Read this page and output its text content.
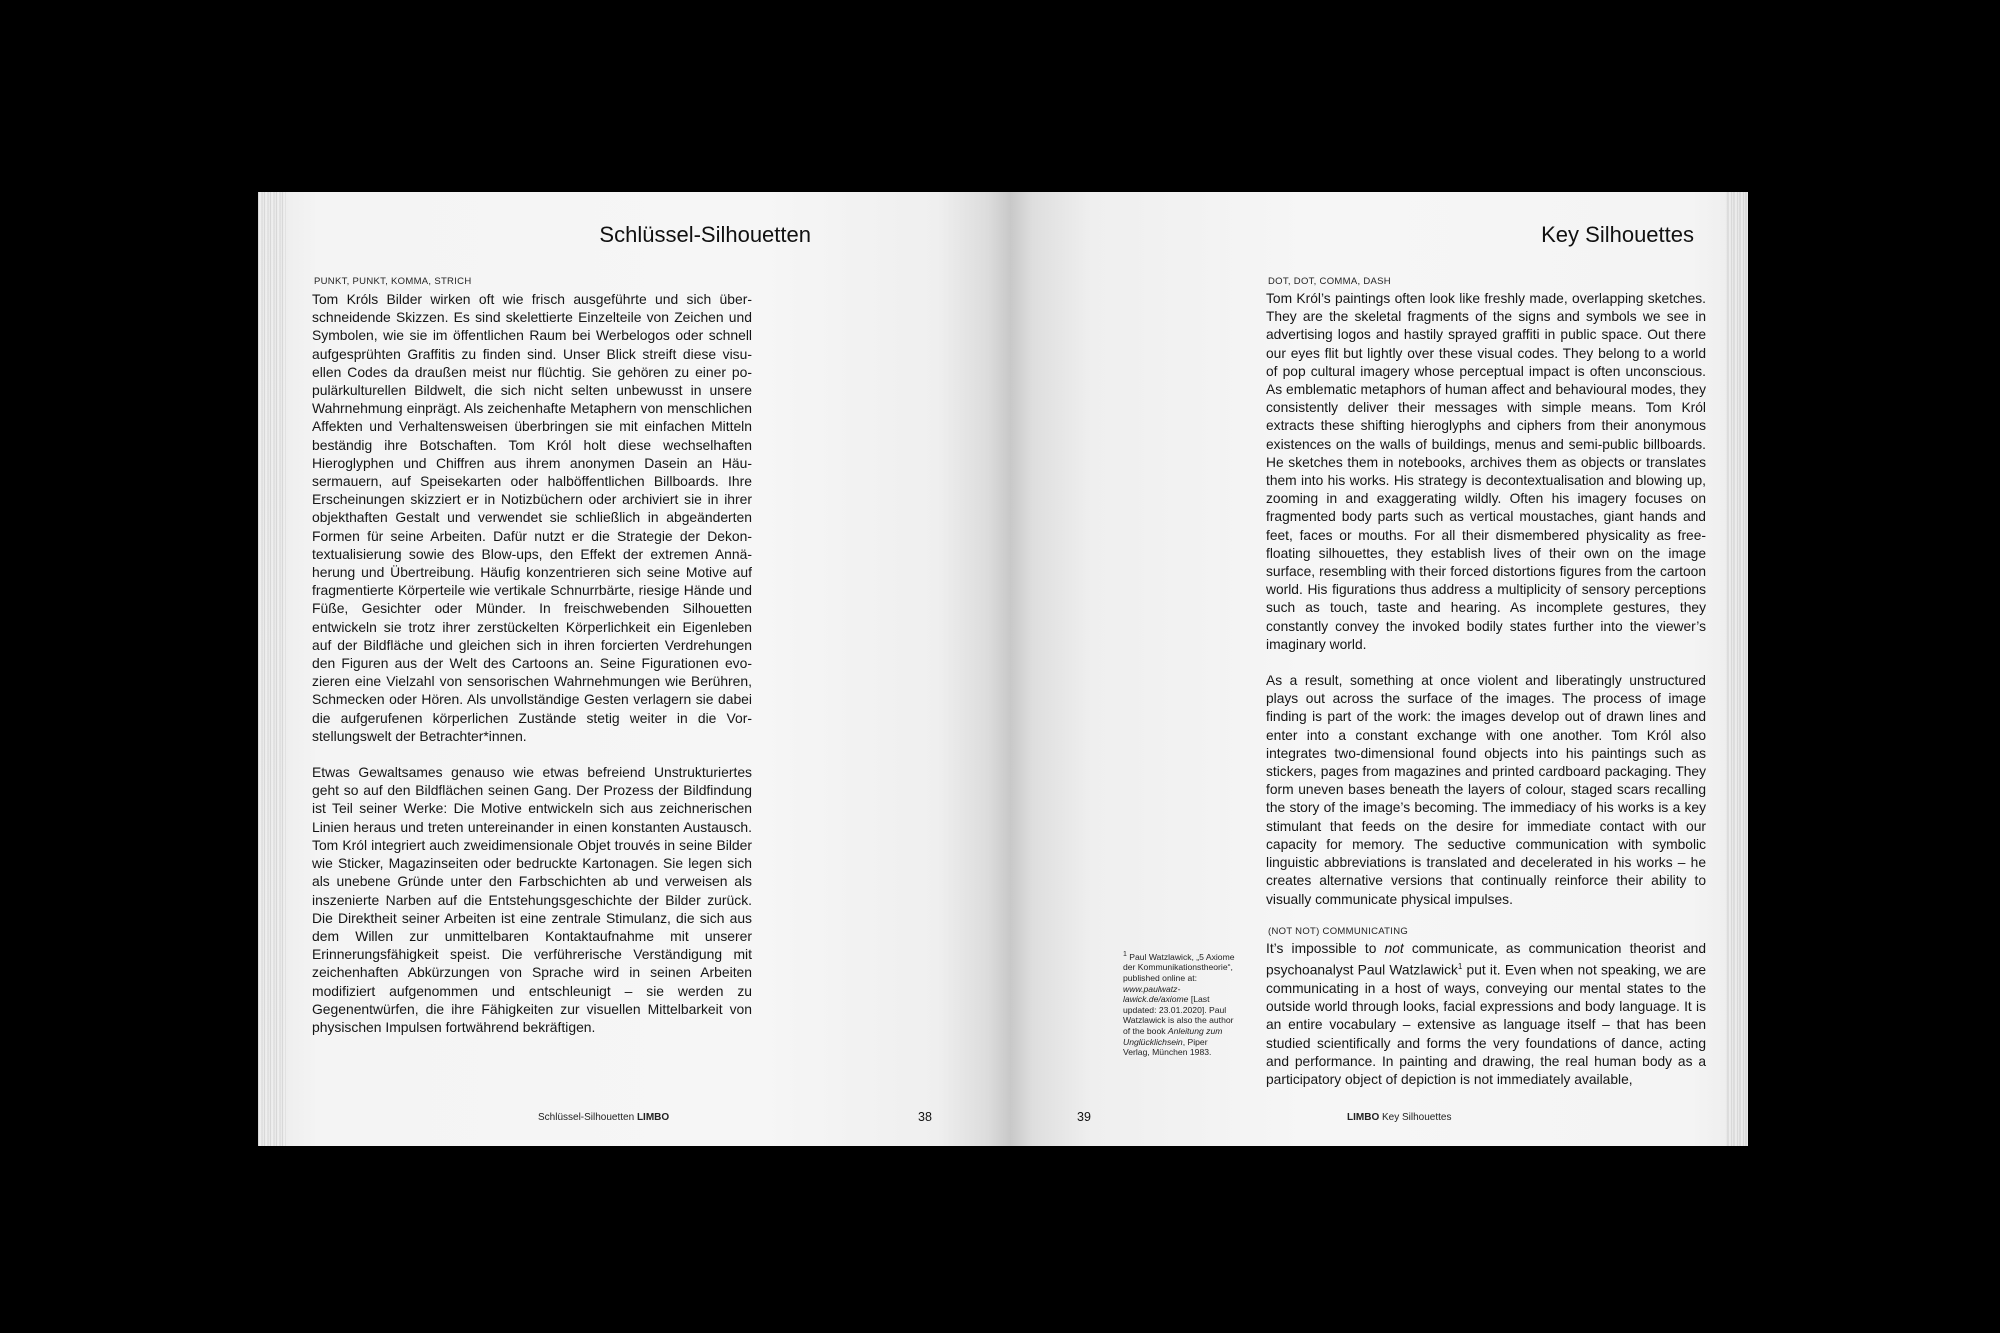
Schlüssel-Silhouetten
PUNKT, PUNKT, KOMMA, STRICH

Tom Króls Bilder wirken oft wie frisch ausgeführte und sich überschneidende Skizzen. Es sind skelettierte Einzelteile von Zeichen und Symbolen, wie sie im öffentlichen Raum bei Werbelogos oder schnell aufgesprühten Graffitis zu finden sind. Unser Blick streift diese visuellen Codes da draußen meist nur flüchtig. Sie gehören zu einer populärkulturellen Bildwelt, die sich nicht selten unbewusst in unsere Wahrnehmung einprägt. Als zeichenhafte Metaphern von menschlichen Affekten und Verhaltensweisen überbringen sie mit einfachen Mitteln beständig ihre Botschaften. Tom Król holt diese wechselhaften Hieroglyphen und Chiffren aus ihrem anonymen Dasein an Häusermauern, auf Speisekarten oder halböffentlichen Billboards. Ihre Erscheinungen skizziert er in Notizbüchern oder archiviert sie in ihrer objekthaften Gestalt und verwendet sie schließlich in abgeänderten Formen für seine Arbeiten. Dafür nutzt er die Strategie der Dekontextualisierung sowie des Blow-ups, den Effekt der extremen Annäherung und Übertreibung. Häufig konzentrieren sich seine Motive auf fragmentierte Körperteile wie vertikale Schnurrbärte, riesige Hände und Füße, Gesichter oder Münder. In freischwebenden Silhouetten entwickeln sie trotz ihrer zerstückelten Körperlichkeit ein Eigenleben auf der Bildfläche und gleichen sich in ihren forcierten Verdrehungen den Figuren aus der Welt des Cartoons an. Seine Figurationen evozieren eine Vielzahl von sensorischen Wahrnehmungen wie Berühren, Schmecken oder Hören. Als unvollständige Gesten verlagern sie dabei die aufgerufenen körperlichen Zustände stetig weiter in die Vorstellungswelt der Betrachter*innen.

Etwas Gewaltsames genauso wie etwas befreiend Unstrukturiertes geht so auf den Bildflächen seinen Gang. Der Prozess der Bildfindung ist Teil seiner Werke: Die Motive entwickeln sich aus zeichnerischen Linien heraus und treten untereinander in einen konstanten Austausch. Tom Król integriert auch zweidimensionale Objet trouvés in seine Bilder wie Sticker, Magazinseiten oder bedruckte Kartonagen. Sie legen sich als unebene Gründe unter den Farbschichten ab und verweisen als inszenierte Narben auf die Entstehungsgeschichte der Bilder zurück. Die Direktheit seiner Arbeiten ist eine zentrale Stimulanz, die sich aus dem Willen zur unmittelbaren Kontaktaufnahme mit unserer Erinnerungsfähigkeit speist. Die verführerische Verständigung mit zeichenhaften Abkürzungen von Sprache wird in seinen Arbeiten modifiziert aufgenommen und entschleunigt – sie werden zu Gegenentwürfen, die ihre Fähigkeiten zur visuellen Mittelbarkeit von physischen Impulsen fortwährend bekräftigen.

Schlüssel-Silhouetten LIMBO	38
Key Silhouettes
DOT, DOT, COMMA, DASH

Tom Król’s paintings often look like freshly made, overlapping sketches. They are the skeletal fragments of the signs and symbols we see in advertising logos and hastily sprayed graffiti in public space. Out there our eyes flit but lightly over these visual codes. They belong to a world of pop cultural imagery whose perceptual impact is often unconscious. As emblematic metaphors of human affect and behavioural modes, they consistently deliver their messages with simple means. Tom Król extracts these shifting hieroglyphs and ciphers from their anonymous existences on the walls of buildings, menus and semi-public billboards. He sketches them in notebooks, archives them as objects or translates them into his works. His strategy is decontextualisation and blowing up, zooming in and exaggerating wildly. Often his imagery focuses on fragmented body parts such as vertical moustaches, giant hands and feet, faces or mouths. For all their dismembered physicality as free-floating silhouettes, they establish lives of their own on the image surface, resembling with their forced distortions figures from the cartoon world. His figurations thus address a multiplicity of sensory perceptions such as touch, taste and hearing. As incomplete gestures, they constantly convey the invoked bodily states further into the viewer’s imaginary world.

As a result, something at once violent and liberatingly unstructured plays out across the surface of the images. The process of image finding is part of the work: the images develop out of drawn lines and enter into a constant exchange with one another. Tom Król also integrates two-dimensional found objects into his paintings such as stickers, pages from magazines and printed cardboard packaging. They form uneven bases beneath the layers of colour, staged scars recalling the story of the image’s becoming. The immediacy of his works is a key stimulant that feeds on the desire for immediate contact with our capacity for memory. The seductive communication with symbolic linguistic abbreviations is translated and decelerated in his works – he creates alternative versions that continually reinforce their ability to visually communicate physical impulses.

(NOT NOT) COMMUNICATING

It’s impossible to not communicate, as communication theorist and psychoanalyst Paul Watzlawick$^1$ put it. Even when not speaking, we are communicating in a host of ways, conveying our mental states to the outside world through looks, facial expressions and body language. It is an entire vocabulary – extensive as language itself – that has been studied scientifically and forms the very foundations of dance, acting and performance. In painting and drawing, the real human body as a participatory object of depiction is not immediately available,

$^1$ Paul Watzlawick, „5 Axiome der Kommunikationstheorie“, published online at: www.paulwatzlawick.de/axiome [Last updated: 23.01.2020]. Paul Watzlawick is also the author of the book Anleitung zum Unglücklichsein, Piper Verlag, München 1983.
39	LIMBO Key Silhouettes
